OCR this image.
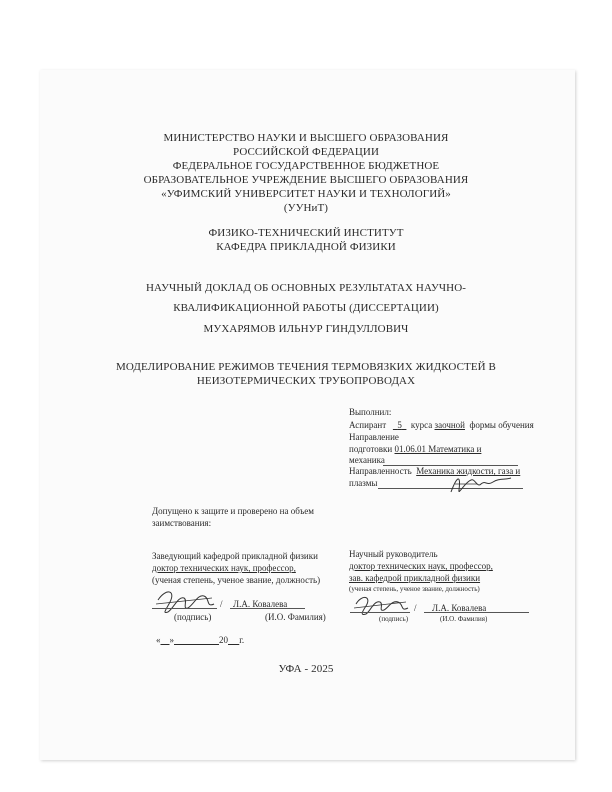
МИНИСТЕРСТВО НАУКИ И ВЫСШЕГО ОБРАЗОВАНИЯ
РОССИЙСКОЙ ФЕДЕРАЦИИ
ФЕДЕРАЛЬНОЕ ГОСУДАРСТВЕННОЕ БЮДЖЕТНОЕ
ОБРАЗОВАТЕЛЬНОЕ УЧРЕЖДЕНИЕ ВЫСШЕГО ОБРАЗОВАНИЯ
«УФИМСКИЙ УНИВЕРСИТЕТ НАУКИ И ТЕХНОЛОГИЙ»
(УУНиТ)
ФИЗИКО-ТЕХНИЧЕСКИЙ ИНСТИТУТ
КАФЕДРА ПРИКЛАДНОЙ ФИЗИКИ
НАУЧНЫЙ ДОКЛАД ОБ ОСНОВНЫХ РЕЗУЛЬТАТАХ НАУЧНО-
КВАЛИФИКАЦИОННОЙ РАБОТЫ (ДИССЕРТАЦИИ)
МУХАРЯМОВ ИЛЬНУР ГИНДУЛЛОВИЧ
МОДЕЛИРОВАНИЕ РЕЖИМОВ ТЕЧЕНИЯ ТЕРМОВЯЗКИХ ЖИДКОСТЕЙ В
НЕИЗОТЕРМИЧЕСКИХ ТРУБОПРОВОДАХ
Выполнил:
Аспирант 5 курса заочной формы обучения
Направление
подготовки 01.06.01 Математика и
механика
Направленность Механика жидкости, газа и
плазмы
Допущено к защите и проверено на объем
заимствования:
Заведующий кафедрой прикладной физики
доктор технических наук, профессор,
(ученая степень, ученое звание, должность)
/ Л.А. Ковалева
(подпись)	(И.О. Фамилия)
Научный руководитель
доктор технических наук, профессор,
зав. кафедрой прикладной физики
(ученая степень, ученое звание, должность)
/ Л.А. Ковалева
(подпись)	(И.О. Фамилия)
« »	20 г.
УФА - 2025
